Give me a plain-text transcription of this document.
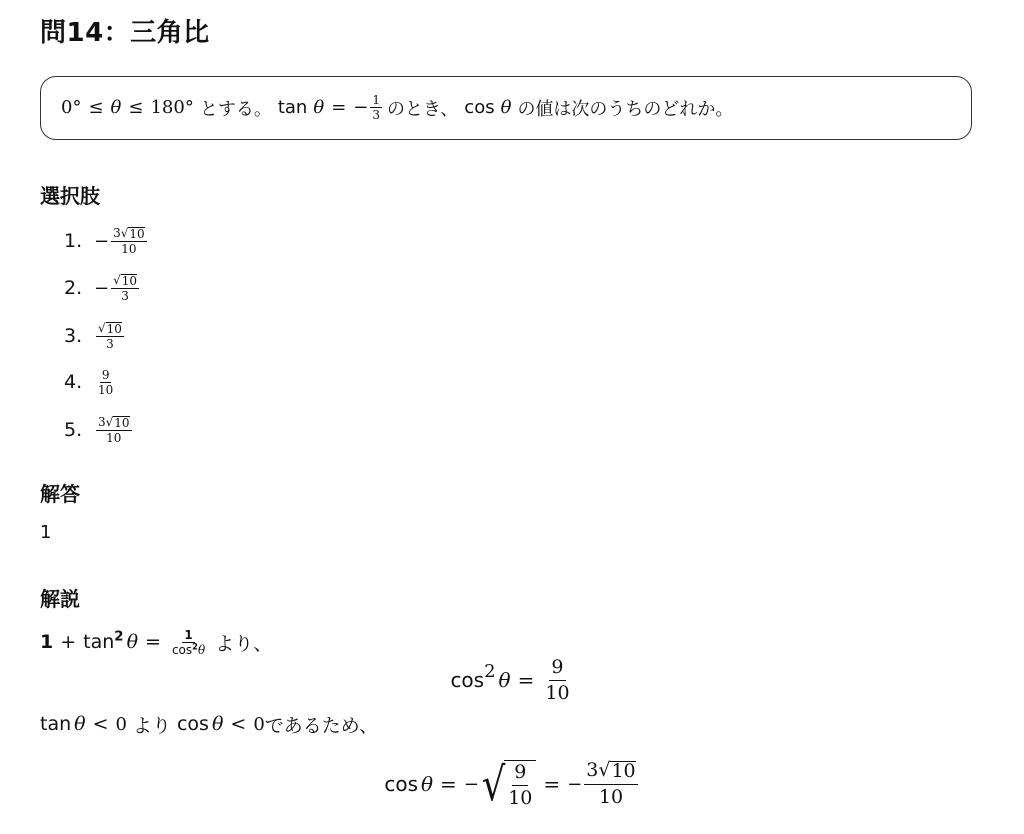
問14：三角比
0° ≤ θ ≤ 180° とする。 tan θ = − $\frac{1}{3}$ のとき、 cos θ の値は次のうちのどれか。
選択肢
1. − $\frac{3 √ 10}{10}$
2. − $\frac{√ 10}{3}$
3.	$\frac{√ 10}{3}$
4.	$\frac{9}{10}$
5.	$\frac{3 √ 10}{10}$
解答
1
解説
$1 + \tan^2 \theta = \frac{1}{\cos^2\theta}$ より、
$\cos^2 \theta = \frac{9}{10}$
tan θ < 0 より cos θ < 0 であるため、
cos θ = − √ $\frac{9}{10}$ = − $\frac{3 √ 10}{10}$
